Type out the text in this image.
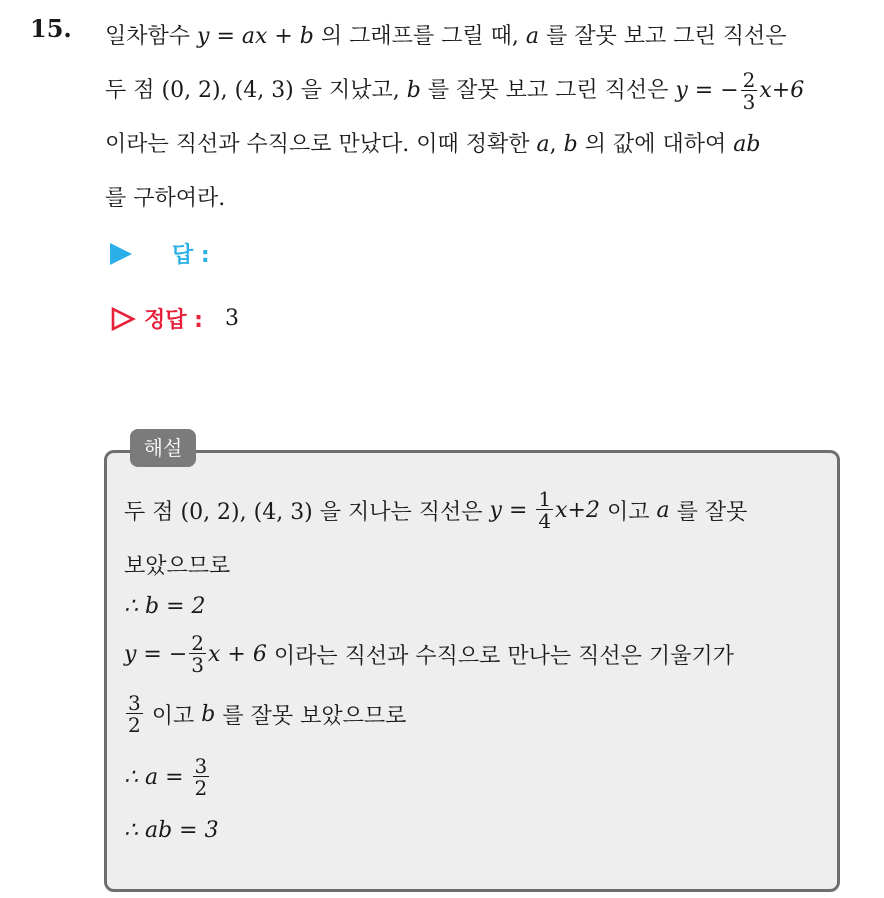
15. 일차함수 y = ax + b 의 그래프를 그릴 때, a 를 잘못 보고 그린 직선은
두 점 (0, 2), (4, 3) 을 지났고, b 를 잘못 보고 그린 직선은 y = − $\frac{2}{3} x+6$
이라는 직선과 수직으로 만났다. 이때 정확한 a, b 의 값에 대하여 ab
를 구하여라.
답 :
정답 : 3
해설
두 점 (0, 2), (4, 3) 을 지나는 직선은 $y = \frac{1}{4} x+2$ 이고 a 를 잘못
보았으므로
∴ b = 2
y = − $\frac{2}{3}$ x + 6 이라는 직선과 수직으로 만나는 직선은 기울기가
$\frac{3}{2}$ 이고 b 를 잘못 보았으므로
∴ $a = \frac{3}{2}$
∴ ab = 3
